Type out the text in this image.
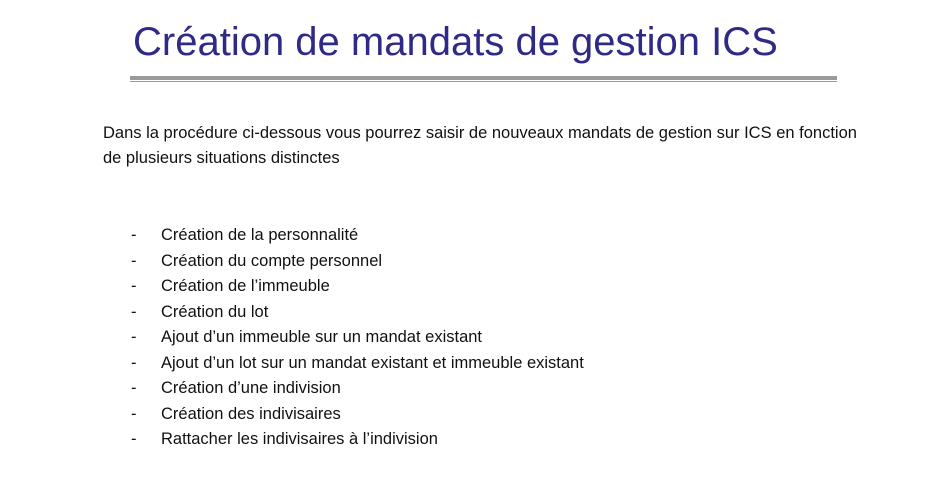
Création de mandats de gestion ICS

Dans la procédure ci-dessous vous pourrez saisir de nouveaux mandats de gestion sur ICS en fonction de plusieurs situations distinctes

- Création de la personnalité
- Création du compte personnel
- Création de l’immeuble
- Création du lot
- Ajout d’un immeuble sur un mandat existant
- Ajout d’un lot sur un mandat existant et immeuble existant
- Création d’une indivision
- Création des indivisaires
- Rattacher les indivisaires à l’indivision
